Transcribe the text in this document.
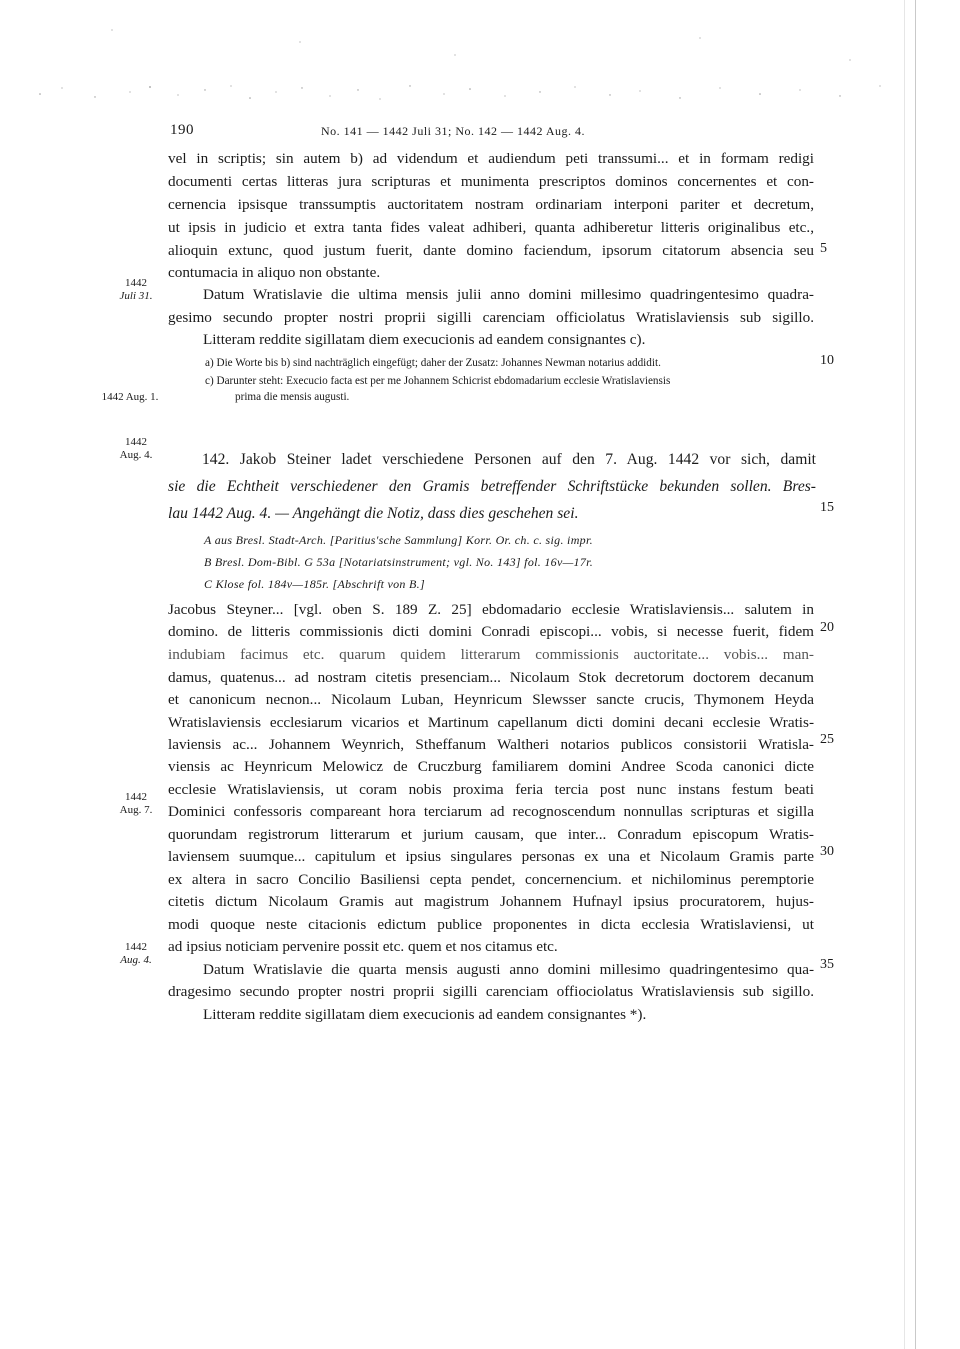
190	No. 141 — 1442 Juli 31; No. 142 — 1442 Aug. 4.
vel in scriptis; sin autem b) ad videndum et audiendum peti transsumi... et in formam redigi
documenti certas litteras jura scripturas et munimenta prescriptos dominos concernentes et con-
cernencia ipsisque transsumptis auctoritatem nostram ordinariam interponi pariter et decretum,
ut ipsis in judicio et extra tanta fides valeat adhiberi, quanta adhiberetur litteris originalibus etc.,
alioquin extunc, quod justum fuerit, dante domino faciendum, ipsorum citatorum absencia seu 5
contumacia in aliquo non obstante.
1442
Juli 31.	Datum Wratislavie die ultima mensis julii anno domini millesimo quadringentesimo quadra-
gesimo secundo propter nostri proprii sigilli carenciam officiolatus Wratislaviensis sub sigillo.
Litteram reddite sigillatam diem execucionis ad eandem consignantes c).
a) Die Worte bis b) sind nachträglich eingefügt; daher der Zusatz: Johannes Newman notarius addidit.	10
c) Darunter steht: Execucio facta est per me Johannem Schicrist ebdomadarium ecclesie Wratislaviensis
prima die mensis augusti.
1442 Aug. 1.
1442
Aug. 4.	142. Jakob Steiner ladet verschiedene Personen auf den 7. Aug. 1442 vor sich, damit
sie die Echtheit verschiedener den Gramis betreffender Schriftstücke bekunden sollen. Bres-
lau 1442 Aug. 4. — Angehängt die Notiz, dass dies geschehen sei.	15
A aus Bresl. Stadt-Arch. [Paritius'sche Sammlung] Korr. Or. ch. c. sig. impr.
B Bresl. Dom-Bibl. G 53a [Notariatsinstrument; vgl. No. 143] fol. 16v—17r.
C Klose fol. 184v—185r. [Abschrift von B.]
Jacobus Steyner... [vgl. oben S. 189 Z. 25] ebdomadario ecclesie Wratislaviensis... salutem in
domino. de litteris commissionis dicti domini Conradi episcopi... vobis, si necesse fuerit, fidem 20
indubiam facimus etc. quarum quidem litterarum commissionis auctoritate... vobis... man-
damus, quatenus... ad nostram citetis presenciam... Nicolaum Stok decretorum doctorem decanum
et canonicum necnon... Nicolaum Luban, Heynricum Slewsser sancte crucis, Thymonem Heyda
Wratislaviensis ecclesiarum vicarios et Martinum capellanum dicti domini decani ecclesie Wratis-
laviensis ac... Johannem Weynrich, Stheffanum Waltheri notarios publicos consistorii Wratisla- 25
viensis ac Heynricum Melowicz de Cruczburg familiarem domini Andree Scoda canonici dicte
ecclesie Wratislaviensis, ut coram nobis proxima feria tercia post nunc instans festum beati
1442
Aug. 7.	Dominici confessoris compareant hora terciarum ad recognoscendum nonnullas scripturas et sigilla
quorundam registrorum litterarum et jurium causam, que inter... Conradum episcopum Wratis-
laviensem suumque... capitulum et ipsius singulares personas ex una et Nicolaum Gramis parte 30
ex altera in sacro Concilio Basiliensi cepta pendet, concernencium. et nichilominus peremptorie
citetis dictum Nicolaum Gramis aut magistrum Johannem Hufnayl ipsius procuratorem, hujus-
modi quoque neste citacionis edictum publice proponentes in dicta ecclesia Wratislaviensi, ut
ad ipsius noticiam pervenire possit etc. quem et nos citamus etc.
1442
Aug. 4.
Datum Wratislavie die quarta mensis augusti anno domini millesimo quadringentesimo qua- 35
dragesimo secundo propter nostri proprii sigilli carenciam offiociolatus Wratislaviensis sub sigillo.
Litteram reddite sigillatam diem execucionis ad eandem consignantes *).
